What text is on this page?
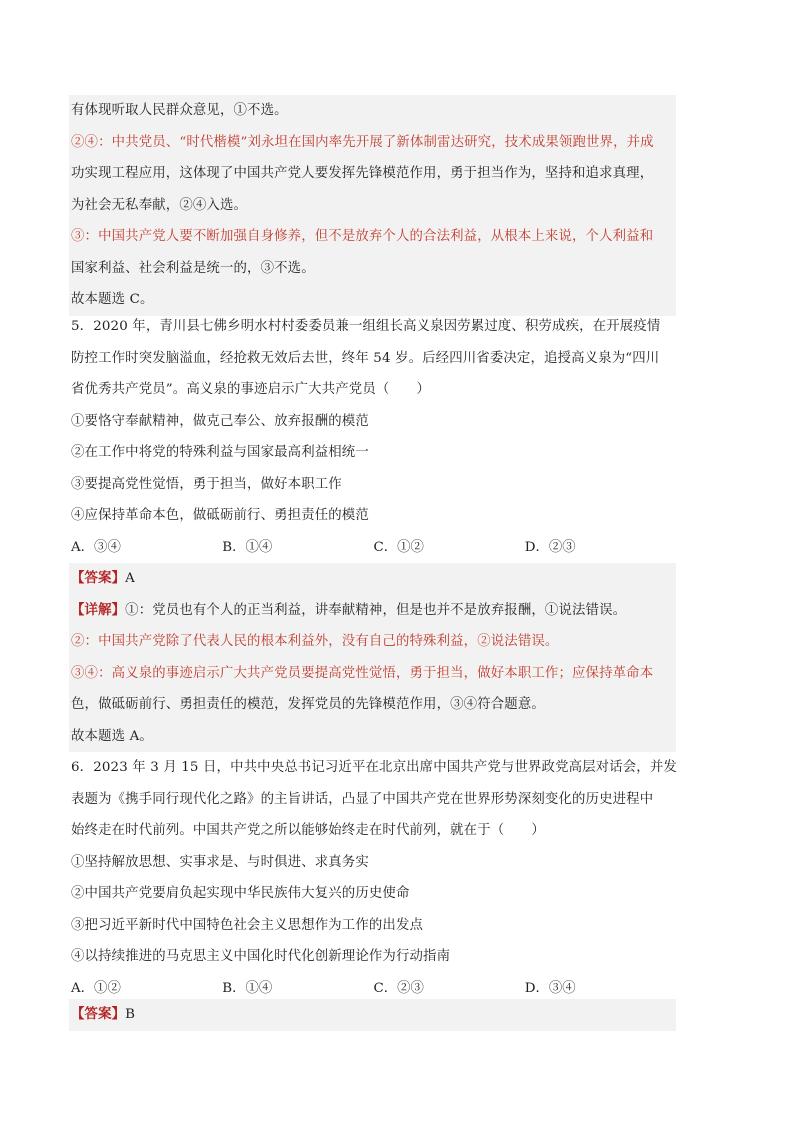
有体现听取人民群众意见，①不选。
②④：中共党员、“时代楷模”刘永坦在国内率先开展了新体制雷达研究，技术成果领跑世界，并成
功实现工程应用，这体现了中国共产党人要发挥先锋模范作用，勇于担当作为，坚持和追求真理，
为社会无私奉献，②④入选。
③：中国共产党人要不断加强自身修养，但不是放弃个人的合法利益，从根本上来说，个人利益和
国家利益、社会利益是统一的，③不选。
故本题选 C。
5．2020 年，青川县七佛乡明水村村委委员兼一组组长高义泉因劳累过度、积劳成疾，在开展疫情
防控工作时突发脑溢血，经抢救无效后去世，终年 54 岁。后经四川省委决定，追授高义泉为“四川
省优秀共产党员”。高义泉的事迹启示广大共产党员（　　）
①要恪守奉献精神，做克己奉公、放弃报酬的模范
②在工作中将党的特殊利益与国家最高利益相统一
③要提高党性觉悟，勇于担当，做好本职工作
④应保持革命本色，做砥砺前行、勇担责任的模范
A．③④	B．①④	C．①②	D．②③
【答案】A
【详解】①：党员也有个人的正当利益，讲奉献精神，但是也并不是放弃报酬，①说法错误。
②：中国共产党除了代表人民的根本利益外，没有自己的特殊利益，②说法错误。
③④：高义泉的事迹启示广大共产党员要提高党性觉悟，勇于担当，做好本职工作；应保持革命本
色，做砥砺前行、勇担责任的模范，发挥党员的先锋模范作用，③④符合题意。
故本题选 A。
6．2023 年 3 月 15 日，中共中央总书记习近平在北京出席中国共产党与世界政党高层对话会，并发
表题为《携手同行现代化之路》的主旨讲话，凸显了中国共产党在世界形势深刻变化的历史进程中
始终走在时代前列。中国共产党之所以能够始终走在时代前列，就在于（　　）
①坚持解放思想、实事求是、与时俱进、求真务实
②中国共产党要肩负起实现中华民族伟大复兴的历史使命
③把习近平新时代中国特色社会主义思想作为工作的出发点
④以持续推进的马克思主义中国化时代化创新理论作为行动指南
A．①②	B．①④	C．②③	D．③④
【答案】B
